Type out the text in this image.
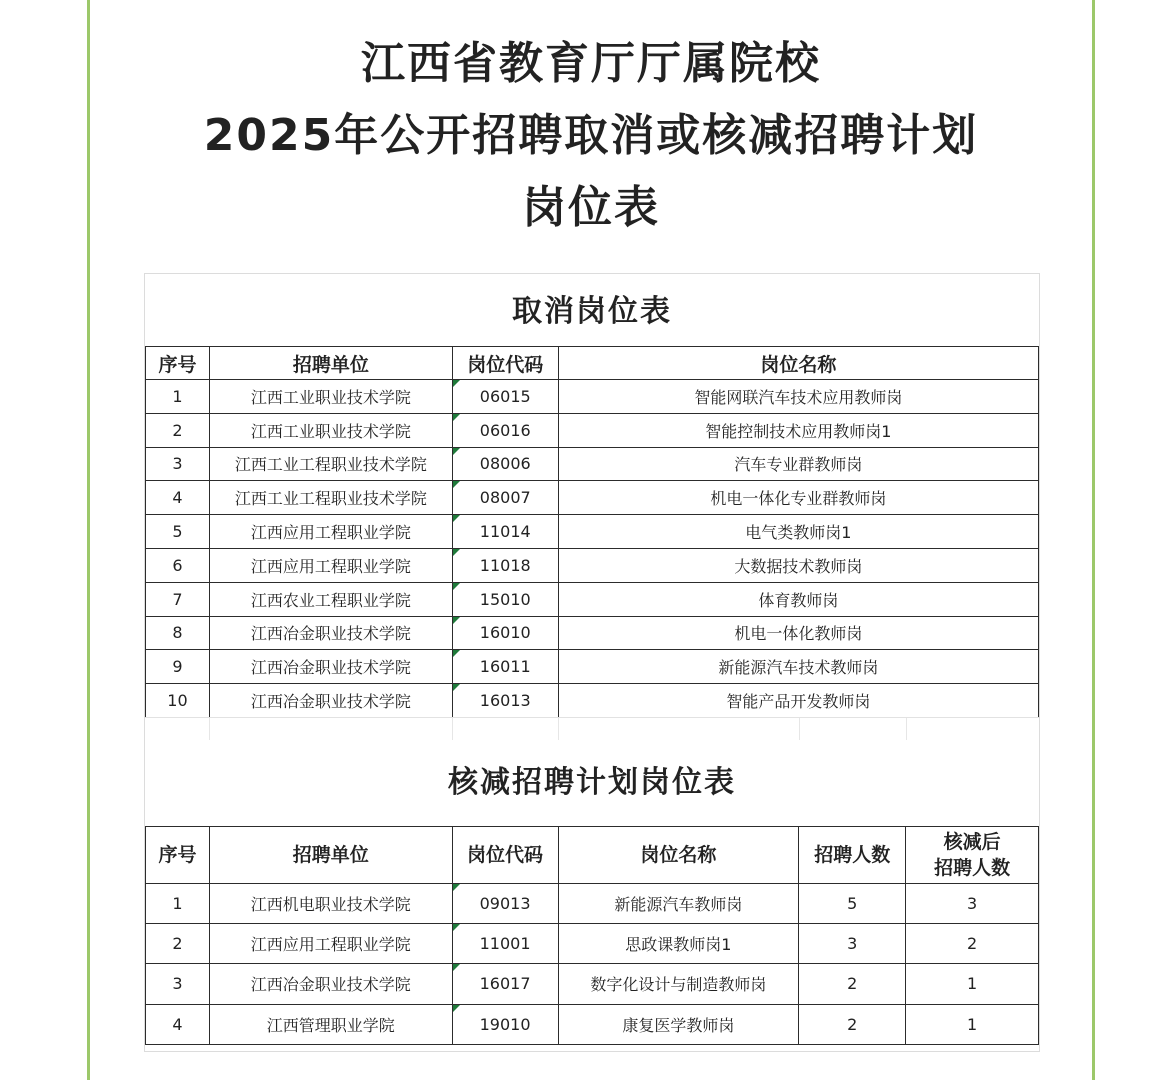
江西省教育厅厅属院校
2025年公开招聘取消或核减招聘计划
岗位表
取消岗位表
序号	招聘单位	岗位代码	岗位名称
1	江西工业职业技术学院	06015	智能网联汽车技术应用教师岗
2	江西工业职业技术学院	06016	智能控制技术应用教师岗1
3	江西工业工程职业技术学院	08006	汽车专业群教师岗
4	江西工业工程职业技术学院	08007	机电一体化专业群教师岗
5	江西应用工程职业学院	11014	电气类教师岗1
6	江西应用工程职业学院	11018	大数据技术教师岗
7	江西农业工程职业学院	15010	体育教师岗
8	江西冶金职业技术学院	16010	机电一体化教师岗
9	江西冶金职业技术学院	16011	新能源汽车技术教师岗
10	江西冶金职业技术学院	16013	智能产品开发教师岗
核减招聘计划岗位表
序号	招聘单位	岗位代码	岗位名称	招聘人数	核减后
招聘人数

1	江西机电职业技术学院	09013	新能源汽车教师岗	5	3
2	江西应用工程职业学院	11001	思政课教师岗1	3	2
3	江西冶金职业技术学院	16017	数字化设计与制造教师岗	2	1
4	江西管理职业学院	19010	康复医学教师岗	2	1
